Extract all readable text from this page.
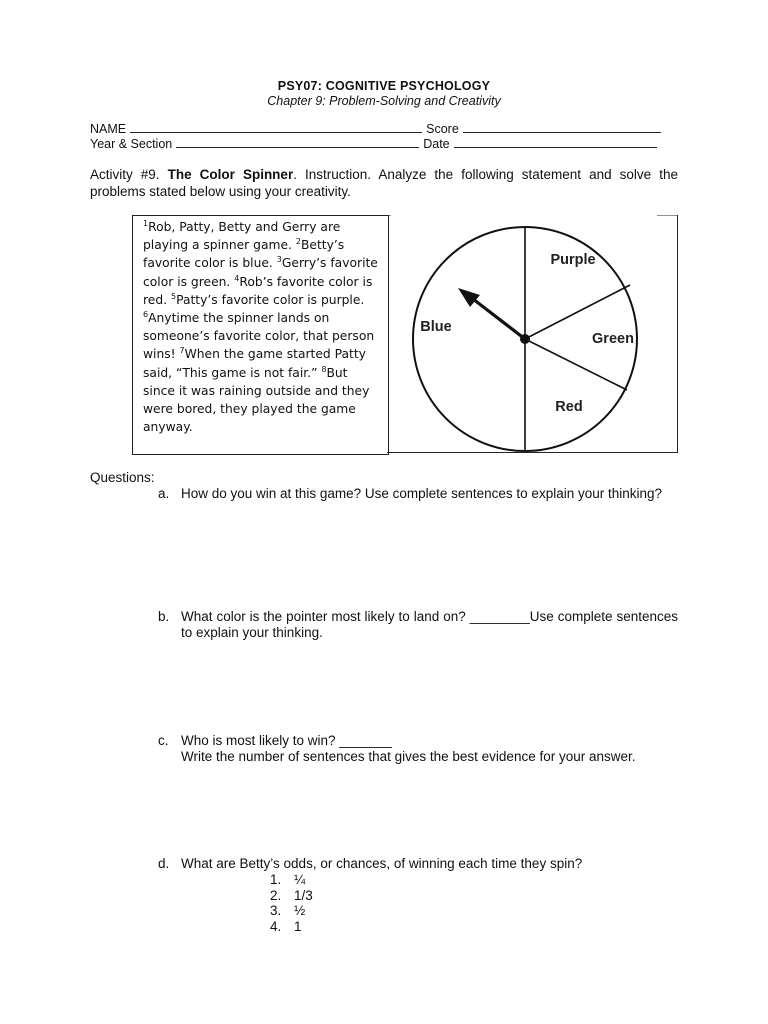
PSY07: COGNITIVE PSYCHOLOGY
Chapter 9: Problem-Solving and Creativity
NAME	Score
Year & Section	Date
Activity #9. The Color Spinner. Instruction. Analyze the following statement and solve the problems stated below using your creativity.
$^1$Rob, Patty, Betty and Gerry are playing a spinner game. $^2$Betty’s favorite color is blue. $^3$Gerry’s favorite color is green. $^4$Rob’s favorite color is red. $^5$Patty’s favorite color is purple. $^6$Anytime the spinner lands on someone’s favorite color, that person wins! $^7$When the game started Patty said, “This game is not fair.” $^8$But since it was raining outside and they were bored, they played the game anyway.
Purple
Blue
Green
Red
Questions:
a. How do you win at this game? Use complete sentences to explain your thinking?
b. What color is the pointer most likely to land on? ________Use complete sentences to explain your thinking.
c. Who is most likely to win? _______
Write the number of sentences that gives the best evidence for your answer.
d. What are Betty’s odds, or chances, of winning each time they spin?
1. ¼
2. 1/3
3. ½
4. 1
